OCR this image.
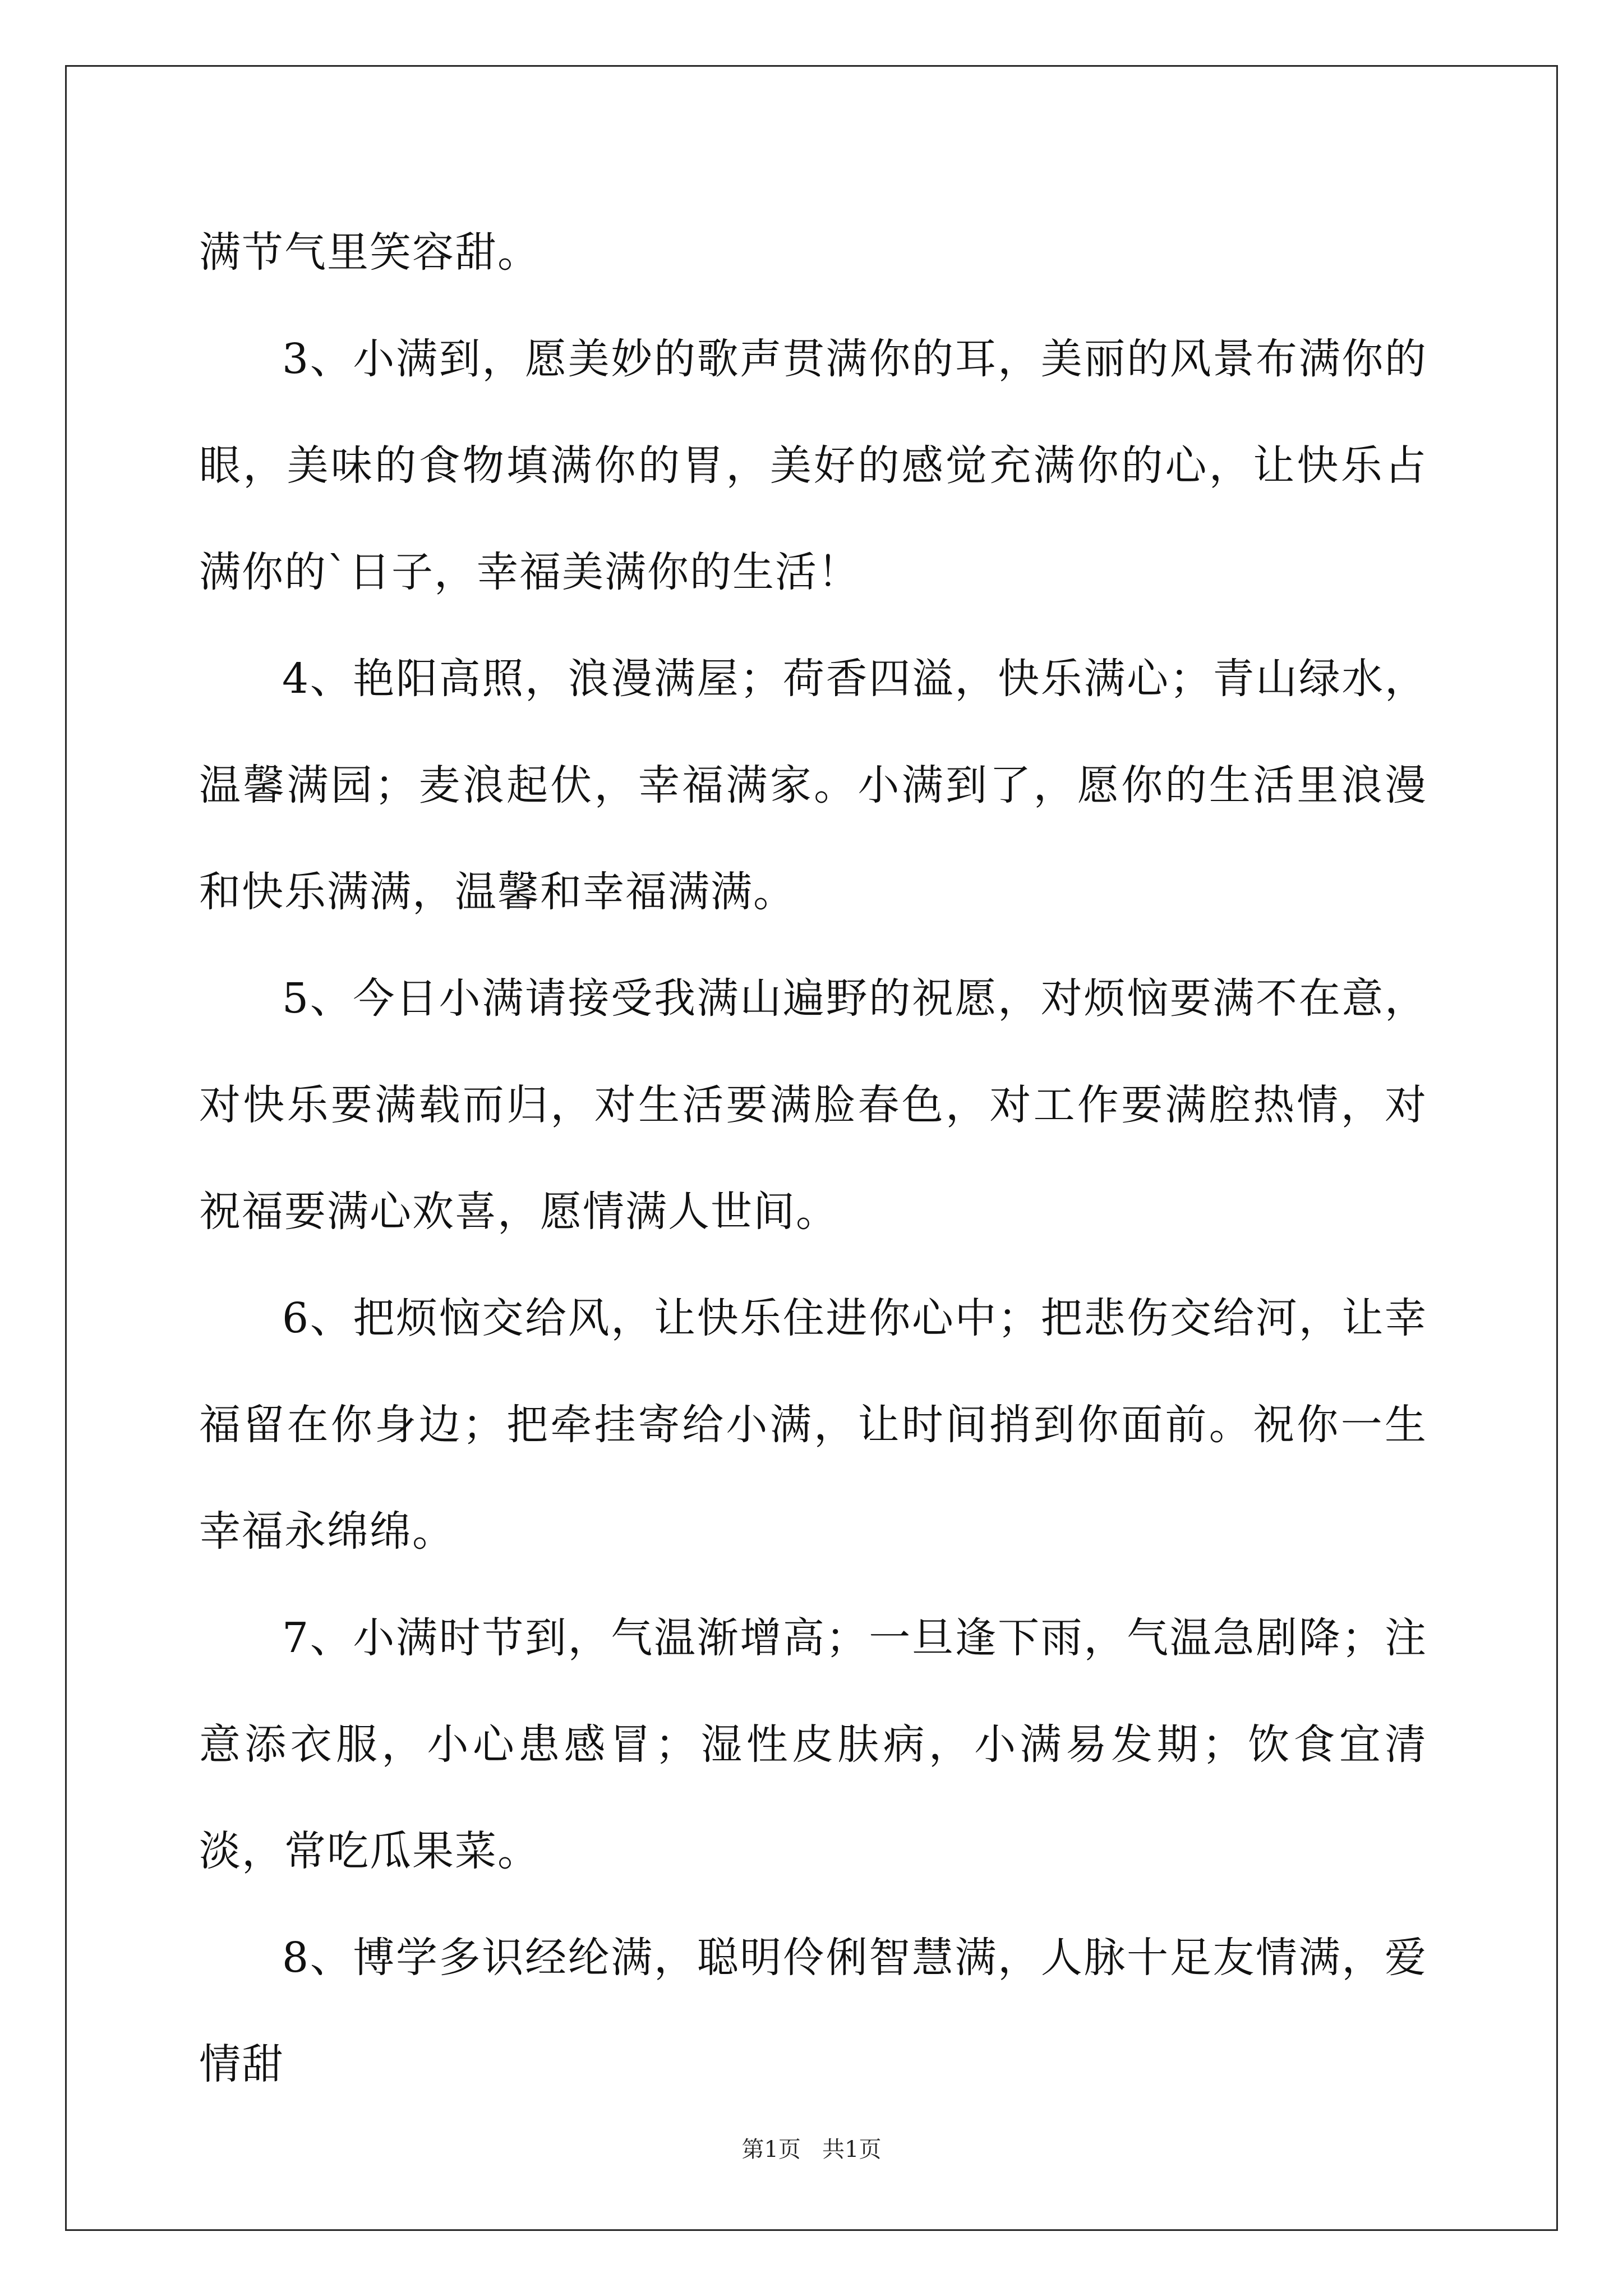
满节气里笑容甜。

3、小满到，愿美妙的歌声贯满你的耳，美丽的风景布满你的眼，美味的食物填满你的胃，美好的感觉充满你的心，让快乐占满你的`日子，幸福美满你的生活！

4、艳阳高照，浪漫满屋；荷香四溢，快乐满心；青山绿水，温馨满园；麦浪起伏，幸福满家。小满到了，愿你的生活里浪漫和快乐满满，温馨和幸福满满。

5、今日小满请接受我满山遍野的祝愿，对烦恼要满不在意，对快乐要满载而归，对生活要满脸春色，对工作要满腔热情，对祝福要满心欢喜，愿情满人世间。

6、把烦恼交给风，让快乐住进你心中；把悲伤交给河，让幸福留在你身边；把牵挂寄给小满，让时间捎到你面前。祝你一生幸福永绵绵。

7、小满时节到，气温渐增高；一旦逢下雨，气温急剧降；注意添衣服，小心患感冒；湿性皮肤病，小满易发期；饮食宜清淡，常吃瓜果菜。

8、博学多识经纶满，聪明伶俐智慧满，人脉十足友情满，爱情甜

第1页   共1页
